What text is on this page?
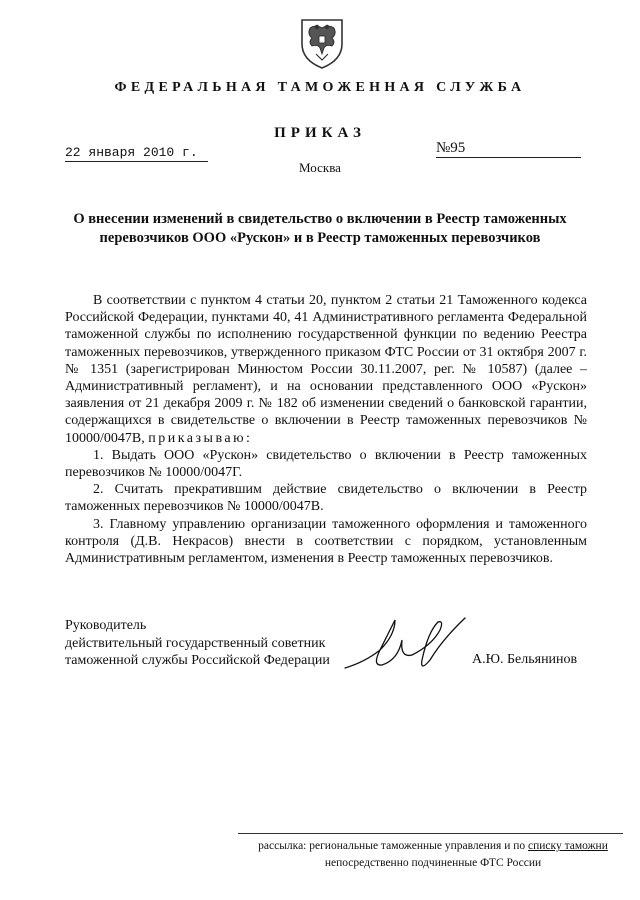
ФЕДЕРАЛЬНАЯ ТАМОЖЕННАЯ СЛУЖБА
ПРИКАЗ
22 января 2010 г.	№95
Москва
О внесении изменений в свидетельство о включении в Реестр таможенных перевозчиков ООО «Рускон» и в Реестр таможенных перевозчиков

В соответствии с пунктом 4 статьи 20, пунктом 2 статьи 21 Таможенного кодекса Российской Федерации, пунктами 40, 41 Административного регламента Федеральной таможенной службы по исполнению государственной функции по ведению Реестра таможенных перевозчиков, утвержденного приказом ФТС России от 31 октября 2007 г. № 1351 (зарегистрирован Минюстом России 30.11.2007, рег. № 10587) (далее – Административный регламент), и на основании представленного ООО «Рускон» заявления от 21 декабря 2009 г. № 182 об изменении сведений о банковской гарантии, содержащихся в свидетельстве о включении в Реестр таможенных перевозчиков № 10000/0047В, приказываю:

1. Выдать ООО «Рускон» свидетельство о включении в Реестр таможенных перевозчиков № 10000/0047Г.

2. Считать прекратившим действие свидетельство о включении в Реестр таможенных перевозчиков № 10000/0047В.

3. Главному управлению организации таможенного оформления и таможенного контроля (Д.В. Некрасов) внести в соответствии с порядком, установленным Административным регламентом, изменения в Реестр таможенных перевозчиков.

Руководитель
действительный государственный советник
таможенной службы Российской Федерации	А.Ю. Бельянинов
рассылка: региональные таможенные управления и по списку таможни
непосредственно подчиненные ФТС России
